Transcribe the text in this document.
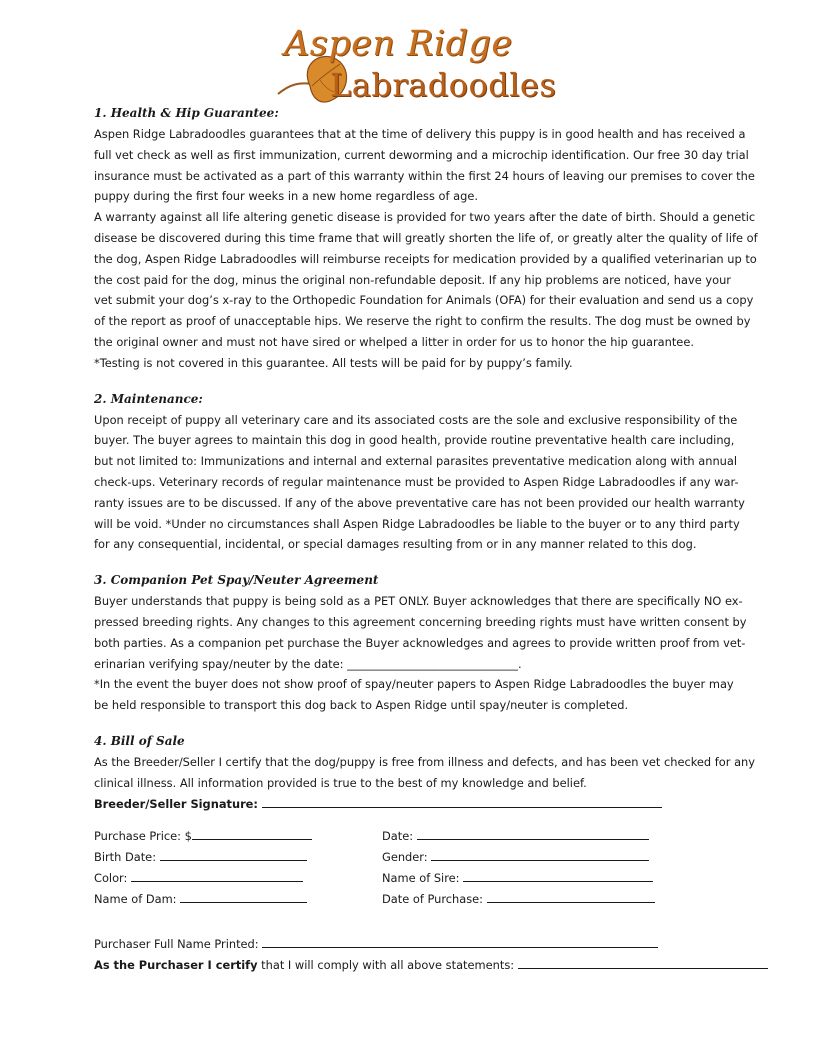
Aspen Ridge
Labradoodles

1. Health & Hip Guarantee:

Aspen Ridge Labradoodles guarantees that at the time of delivery this puppy is in good health and has received a

full vet check as well as first immunization, current deworming and a microchip identification. Our free 30 day trial

insurance must be activated as a part of this warranty within the first 24 hours of leaving our premises to cover the

puppy during the first four weeks in a new home regardless of age.

A warranty against all life altering genetic disease is provided for two years after the date of birth. Should a genetic

disease be discovered during this time frame that will greatly shorten the life of, or greatly alter the quality of life of

the dog, Aspen Ridge Labradoodles will reimburse receipts for medication provided by a qualified veterinarian up to

the cost paid for the dog, minus the original non-refundable deposit. If any hip problems are noticed, have your

vet submit your dog’s x-ray to the Orthopedic Foundation for Animals (OFA) for their evaluation and send us a copy

of the report as proof of unacceptable hips. We reserve the right to confirm the results. The dog must be owned by

the original owner and must not have sired or whelped a litter in order for us to honor the hip guarantee.

*Testing is not covered in this guarantee. All tests will be paid for by puppy’s family.

2. Maintenance:

Upon receipt of puppy all veterinary care and its associated costs are the sole and exclusive responsibility of the

buyer. The buyer agrees to maintain this dog in good health, provide routine preventative health care including,

but not limited to: Immunizations and internal and external parasites preventative medication along with annual

check-ups. Veterinary records of regular maintenance must be provided to Aspen Ridge Labradoodles if any war-

ranty issues are to be discussed. If any of the above preventative care has not been provided our health warranty

will be void. *Under no circumstances shall Aspen Ridge Labradoodles be liable to the buyer or to any third party

for any consequential, incidental, or special damages resulting from or in any manner related to this dog.

3. Companion Pet Spay/Neuter Agreement

Buyer understands that puppy is being sold as a PET ONLY. Buyer acknowledges that there are specifically NO ex-

pressed breeding rights. Any changes to this agreement concerning breeding rights must have written consent by

both parties. As a companion pet purchase the Buyer acknowledges and agrees to provide written proof from vet-

erinarian verifying spay/neuter by the date: ______________________________.

*In the event the buyer does not show proof of spay/neuter papers to Aspen Ridge Labradoodles the buyer may

be held responsible to transport this dog back to Aspen Ridge until spay/neuter is completed.

4. Bill of Sale

As the Breeder/Seller I certify that the dog/puppy is free from illness and defects, and has been vet checked for any

clinical illness. All information provided is true to the best of my knowledge and belief.

Breeder/Seller Signature:

Purchase Price: $	Date:
Birth Date:	Gender:
Color:	Name of Sire:
Name of Dam:	Date of Purchase:

Purchaser Full Name Printed:

As the Purchaser I certify that I will comply with all above statements:
